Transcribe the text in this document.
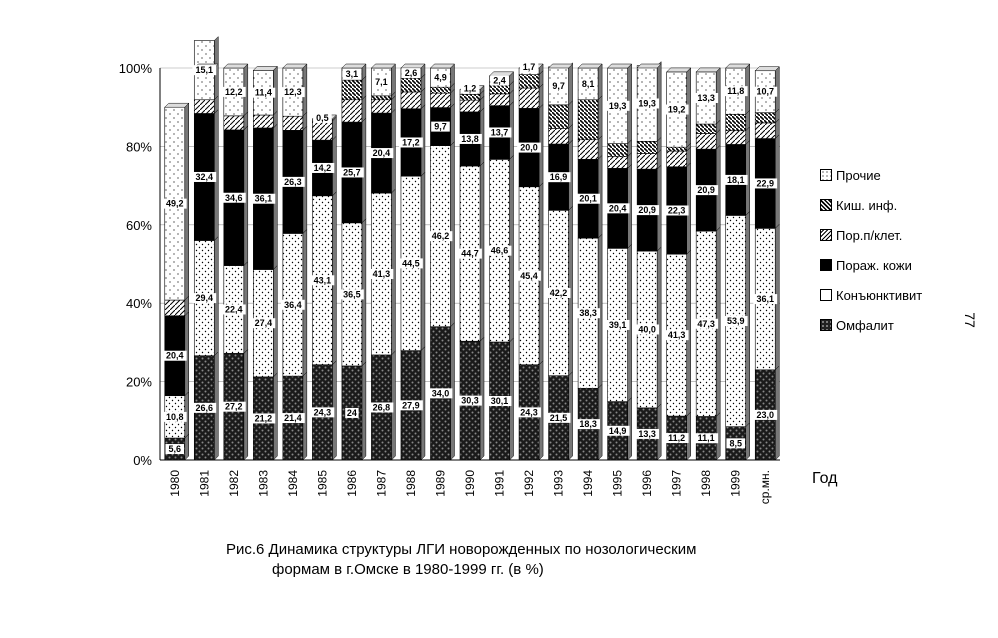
0%
20%
40%
60%
80%
100%
1980 1981 1982 1983 1984 1985 1986 1987 1988 1989 1990 1991 1992 1993 1994 1995 1996 1997 1998 1999 ср.мн.
5,6
10,8
20,4
49,2
26,6
29,4
32,4
15,1
27,2
22,4
34,6
12,2
21,2
27,4
36,1
11,4
21,4
36,4
26,3
12,3
24,3
43,1
14,2
0,5
24
36,5
25,7
3,1
26,8
41,3
20,4
7,1
27,9
44,5
17,2
2,6
34,0
46,2
9,7
4,9
30,3
44,7
13,8
1,2
30,1
46,6
13,7
2,4
24,3
45,4
20,0
1,7
21,5
42,2
16,9
9,7
18,3
38,3
20,1
8,1
14,9
39,1
20,4
19,3
13,3
40,0
20,9
19,3
11,2
41,3
22,3
19,2
11,1
47,3
20,9
13,3
8,5
53,9
18,1
11,8
23,0
36,1
22,9
10,7
Прочие
Киш. инф.
Пор.п/клет.
Пораж. кожи
Конъюнктивит
Омфалит
Год
Рис.6 Динамика структуры ЛГИ новорожденных по нозологическим
формам в г.Омске в 1980-1999 гг. (в %)
77
